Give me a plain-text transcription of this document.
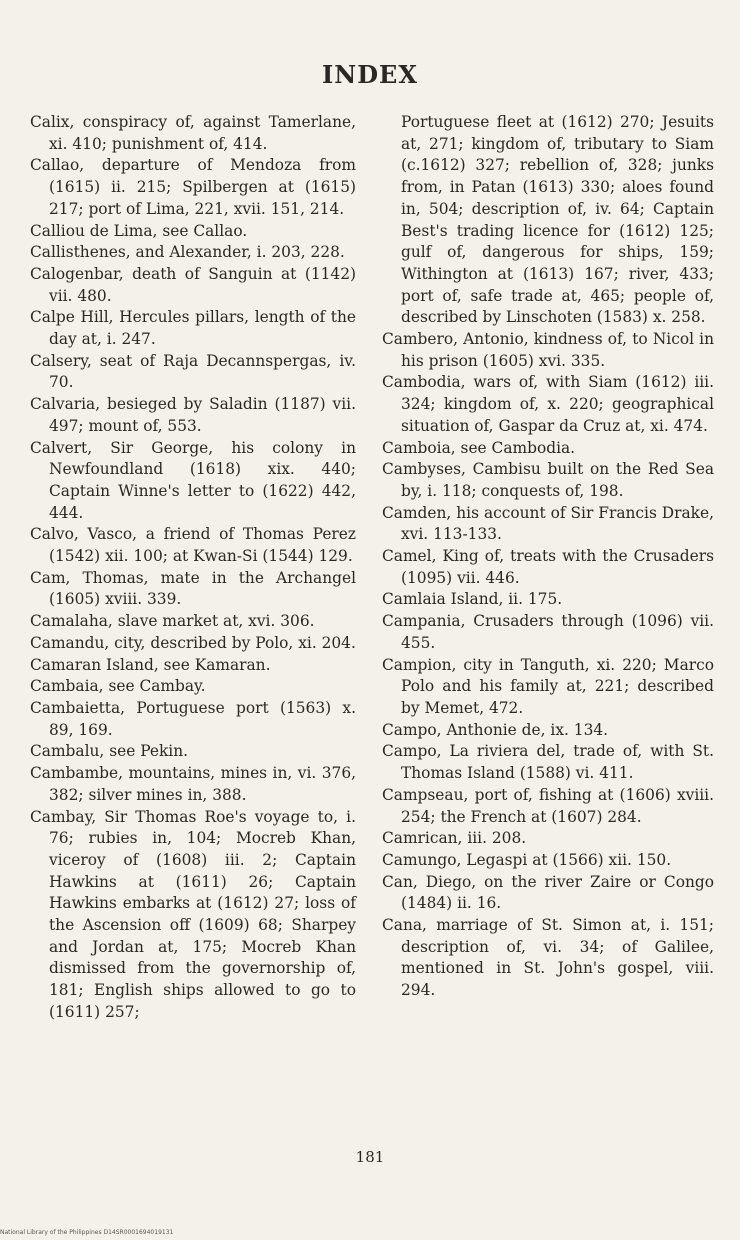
INDEX

Calix, conspiracy of, against Tamerlane, xi. 410; punishment of, 414.

Callao, departure of Mendoza from (1615) ii. 215; Spilbergen at (1615) 217; port of Lima, 221, xvii. 151, 214.

Calliou de Lima, see Callao.

Callisthenes, and Alexander, i. 203, 228.

Calogenbar, death of Sanguin at (1142) vii. 480.

Calpe Hill, Hercules pillars, length of the day at, i. 247.

Calsery, seat of Raja Decannspergas, iv. 70.

Calvaria, besieged by Saladin (1187) vii. 497; mount of, 553.

Calvert, Sir George, his colony in Newfoundland (1618) xix. 440; Captain Winne's letter to (1622) 442, 444.

Calvo, Vasco, a friend of Thomas Perez (1542) xii. 100; at Kwan-Si (1544) 129.

Cam, Thomas, mate in the Archangel (1605) xviii. 339.

Camalaha, slave market at, xvi. 306.

Camandu, city, described by Polo, xi. 204.

Camaran Island, see Kamaran.

Cambaia, see Cambay.

Cambaietta, Portuguese port (1563) x. 89, 169.

Cambalu, see Pekin.

Cambambe, mountains, mines in, vi. 376, 382; silver mines in, 388.

Cambay, Sir Thomas Roe's voyage to, i. 76; rubies in, 104; Mocreb Khan, viceroy of (1608) iii. 2; Captain Hawkins at (1611) 26; Captain Hawkins embarks at (1612) 27; loss of the Ascension off (1609) 68; Sharpey and Jordan at, 175; Mocreb Khan dismissed from the governorship of, 181; English ships allowed to go to (1611) 257;

Portuguese fleet at (1612) 270; Jesuits at, 271; kingdom of, tributary to Siam (c.1612) 327; rebellion of, 328; junks from, in Patan (1613) 330; aloes found in, 504; description of, iv. 64; Captain Best's trading licence for (1612) 125; gulf of, dangerous for ships, 159; Withington at (1613) 167; river, 433; port of, safe trade at, 465; people of, described by Linschoten (1583) x. 258.

Cambero, Antonio, kindness of, to Nicol in his prison (1605) xvi. 335.

Cambodia, wars of, with Siam (1612) iii. 324; kingdom of, x. 220; geographical situation of, Gaspar da Cruz at, xi. 474.

Camboia, see Cambodia.

Cambyses, Cambisu built on the Red Sea by, i. 118; conquests of, 198.

Camden, his account of Sir Francis Drake, xvi. 113-133.

Camel, King of, treats with the Crusaders (1095) vii. 446.

Camlaia Island, ii. 175.

Campania, Crusaders through (1096) vii. 455.

Campion, city in Tanguth, xi. 220; Marco Polo and his family at, 221; described by Memet, 472.

Campo, Anthonie de, ix. 134.

Campo, La riviera del, trade of, with St. Thomas Island (1588) vi. 411.

Campseau, port of, fishing at (1606) xviii. 254; the French at (1607) 284.

Camrican, iii. 208.

Camungo, Legaspi at (1566) xii. 150.

Can, Diego, on the river Zaire or Congo (1484) ii. 16.

Cana, marriage of St. Simon at, i. 151; description of, vi. 34; of Galilee, mentioned in St. John's gospel, viii. 294.

181
National Library of the Philippines D14SR0001694019131
